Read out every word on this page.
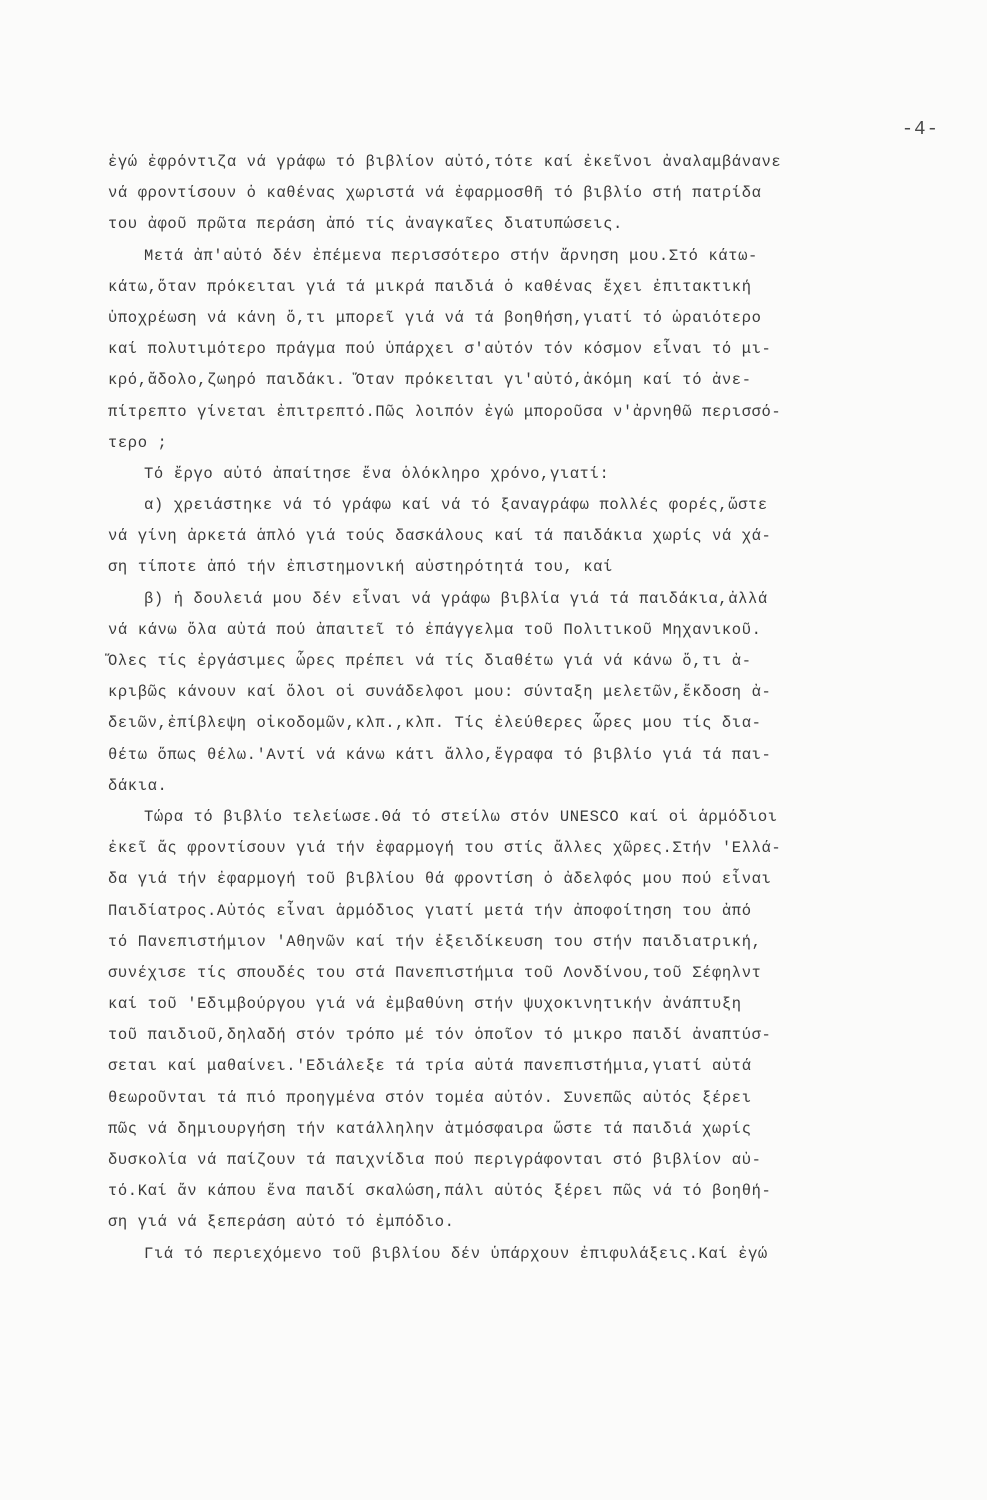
-4-
ἐγώ ἐφρόντιζα νά γράφω τό βιβλίον αὐτό,τότε καί ἐκεῖνοι ἀναλαμβάνανε
νά φροντίσουν ὁ καθένας χωριστά νά ἐφαρμοσθῆ τό βιβλίο στή πατρίδα
του ἀφοῦ πρῶτα περάση ἀπό τίς ἀναγκαῖες διατυπώσεις.
Μετά ἀπ'αὐτό δέν ἐπέμενα περισσότερο στήν ἄρνηση μου.Στό κάτω-
κάτω,ὅταν πρόκειται γιά τά μικρά παιδιά ὁ καθένας ἔχει ἐπιτακτική
ὑποχρέωση νά κάνη ὅ,τι μπορεῖ γιά νά τά βοηθήση,γιατί τό ὡραιότερο
καί πολυτιμότερο πράγμα πού ὑπάρχει σ'αὐτόν τόν κόσμον εἶναι τό μι-
κρό,ἄδολο,ζωηρό παιδάκι. Ὅταν πρόκειται γι'αὐτό,ἀκόμη καί τό ἀνε-
πίτρεπτο γίνεται ἐπιτρεπτό.Πῶς λοιπόν ἐγώ μποροῦσα ν'ἀρνηθῶ περισσό-
τερο ;
Τό ἔργο αὐτό ἀπαίτησε ἕνα ὁλόκληρο χρόνο,γιατί:
α) χρειάστηκε νά τό γράφω καί νά τό ξαναγράφω πολλές φορές,ὥστε
νά γίνη ἀρκετά ἁπλό γιά τούς δασκάλους καί τά παιδάκια χωρίς νά χά-
ση τίποτε ἀπό τήν ἐπιστημονική αὐστηρότητά του, καί
β) ἡ δουλειά μου δέν εἶναι νά γράφω βιβλία γιά τά παιδάκια,ἀλλά
νά κάνω ὅλα αὐτά πού ἀπαιτεῖ τό ἐπάγγελμα τοῦ Πολιτικοῦ Μηχανικοῦ.
Ὅλες τίς ἐργάσιμες ὧρες πρέπει νά τίς διαθέτω γιά νά κάνω ὅ,τι ἀ-
κριβῶς κάνουν καί ὅλοι οἱ συνάδελφοι μου: σύνταξη μελετῶν,ἔκδοση ἀ-
δειῶν,ἐπίβλεψη οἰκοδομῶν,κλπ.,κλπ. Τίς ἐλεύθερες ὧρες μου τίς δια-
θέτω ὅπως θέλω.'Αντί νά κάνω κάτι ἄλλο,ἔγραφα τό βιβλίο γιά τά παι-
δάκια.
Τώρα τό βιβλίο τελείωσε.Θά τό στείλω στόν UNESCO καί οἱ ἁρμόδιοι
ἐκεῖ ἄς φροντίσουν γιά τήν ἐφαρμογή του στίς ἄλλες χῶρες.Στήν 'Ελλά-
δα γιά τήν ἐφαρμογή τοῦ βιβλίου θά φροντίση ὁ ἀδελφός μου πού εἶναι
Παιδίατρος.Αὐτός εἶναι ἁρμόδιος γιατί μετά τήν ἀποφοίτηση του ἀπό
τό Πανεπιστήμιον 'Αθηνῶν καί τήν ἐξειδίκευση του στήν παιδιατρική,
συνέχισε τίς σπουδές του στά Πανεπιστήμια τοῦ Λονδίνου,τοῦ Σέφηλντ
καί τοῦ 'Εδιμβούργου γιά νά ἐμβαθύνη στήν ψυχοκινητικήν ἀνάπτυξη
τοῦ παιδιοῦ,δηλαδή στόν τρόπο μέ τόν ὁποῖον τό μικρο παιδί ἀναπτύσ-
σεται καί μαθαίνει.'Εδιάλεξε τά τρία αὐτά πανεπιστήμια,γιατί αὐτά
θεωροῦνται τά πιό προηγμένα στόν τομέα αὐτόν. Συνεπῶς αὐτός ξέρει
πῶς νά δημιουργήση τήν κατάλληλην ἀτμόσφαιρα ὥστε τά παιδιά χωρίς
δυσκολία νά παίζουν τά παιχνίδια πού περιγράφονται στό βιβλίον αὐ-
τό.Καί ἄν κάπου ἕνα παιδί σκαλώση,πάλι αὐτός ξέρει πῶς νά τό βοηθή-
ση γιά νά ξεπεράση αὐτό τό ἐμπόδιο.
Γιά τό περιεχόμενο τοῦ βιβλίου δέν ὑπάρχουν ἐπιφυλάξεις.Καί ἐγώ
